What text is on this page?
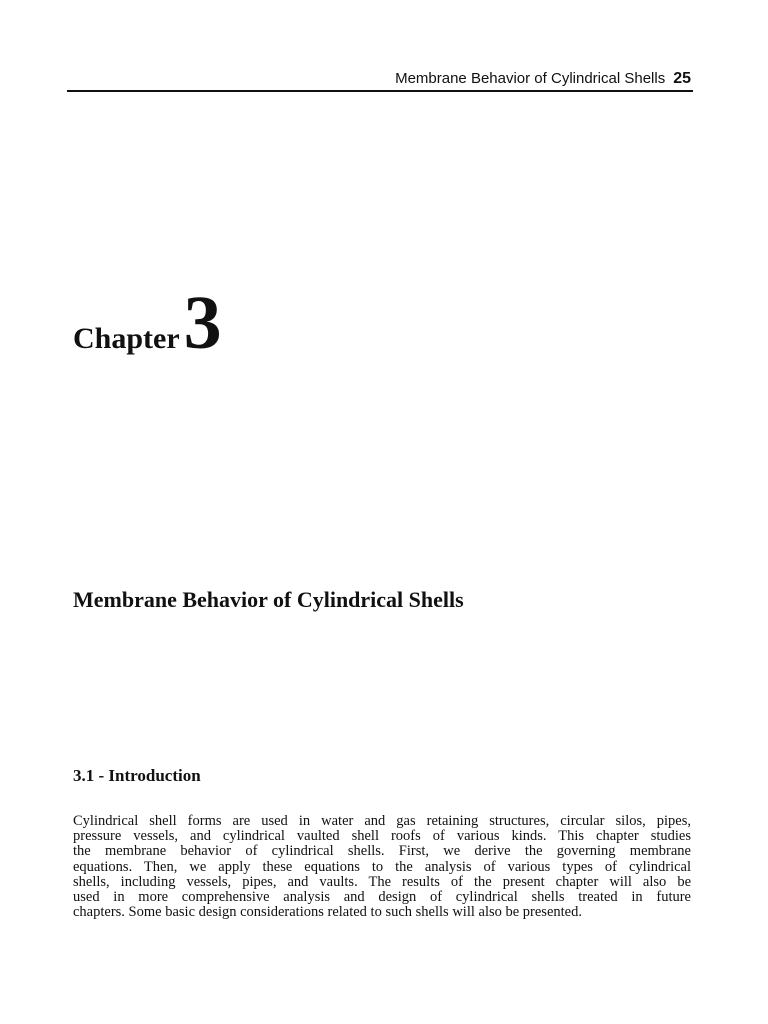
Membrane Behavior of Cylindrical Shells 25
Chapter3
Membrane Behavior of Cylindrical Shells
3.1 - Introduction

Cylindrical shell forms are used in water and gas retaining structures, circular silos, pipes,
pressure vessels, and cylindrical vaulted shell roofs of various kinds. This chapter studies
the membrane behavior of cylindrical shells. First, we derive the governing membrane
equations. Then, we apply these equations to the analysis of various types of cylindrical
shells, including vessels, pipes, and vaults. The results of the present chapter will also be
used in more comprehensive analysis and design of cylindrical shells treated in future
chapters. Some basic design considerations related to such shells will also be presented.
